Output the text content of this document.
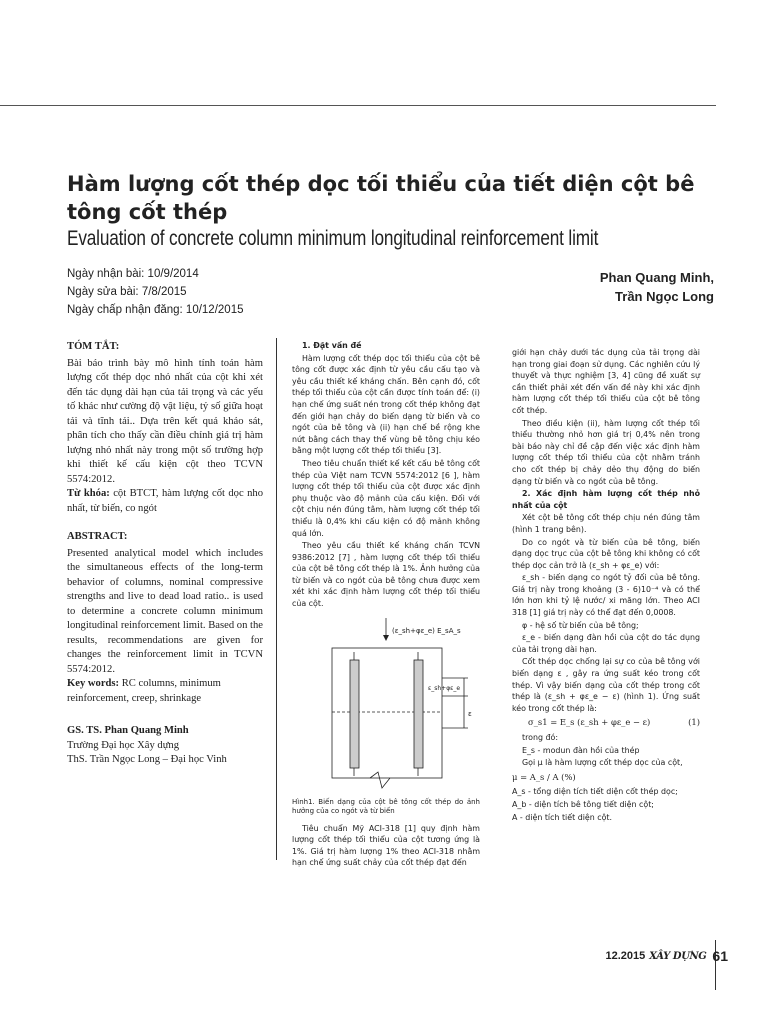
Hàm lượng cốt thép dọc tối thiểu của tiết diện cột bê tông cốt thép
Evaluation of concrete column minimum longitudinal reinforcement limit
Ngày nhận bài: 10/9/2014
Ngày sửa bài: 7/8/2015
Ngày chấp nhận đăng: 10/12/2015
Phan Quang Minh,
Trần Ngọc Long
TÓM TẮT:

Bài báo trình bày mô hình tính toán hàm lượng cốt thép dọc nhỏ nhất của cột khi xét đến tác dụng dài hạn của tải trọng và các yếu tố khác như cường độ vật liệu, tỷ số giữa hoạt tải và tĩnh tải.. Dựa trên kết quả khảo sát, phân tích cho thấy cần điều chỉnh giá trị hàm lượng nhỏ nhất này trong một số trường hợp khi thiết kế cấu kiện cột theo TCVN 5574:2012.

Từ khóa: cột BTCT, hàm lượng cốt dọc nho nhất, từ biến, co ngót

ABSTRACT:

Presented analytical model which includes the simultaneous effects of the long-term behavior of columns, nominal compressive strengths and live to dead load ratio.. is used to determine a concrete column minimum longitudinal reinforcement limit. Based on the results, recommendations are given for changes the reinforcement limit in TCVN 5574:2012.

Key words: RC columns, minimum reinforcement, creep, shrinkage

GS. TS. Phan Quang Minh

Trường Đại học Xây dựng

ThS. Trần Ngọc Long – Đại học Vinh

1. Đặt vấn đề

Hàm lượng cốt thép dọc tối thiểu của cột bê tông cốt được xác định từ yêu cầu cấu tạo và yêu cầu thiết kế kháng chấn. Bên cạnh đó, cốt thép tối thiểu của cột cần được tính toán để: (i) hạn chế ứng suất nén trong cốt thép không đạt đến giới hạn chảy do biến dạng từ biến và co ngót của bê tông và (ii) hạn chế bề rộng khe nứt bằng cách thay thế vùng bê tông chịu kéo bằng một lượng cốt thép tối thiểu [3].

Theo tiêu chuẩn thiết kế kết cấu bê tông cốt thép của Việt nam TCVN 5574:2012 [6 ], hàm lượng cốt thép tối thiểu của cột được xác định phụ thuộc vào độ mảnh của cấu kiện. Đối với cột chịu nén đúng tâm, hàm lượng cốt thép tối thiểu là 0,4% khi cấu kiện có độ mảnh không quá lớn.

Theo yêu cầu thiết kế kháng chấn TCVN 9386:2012 [7] , hàm lượng cốt thép tối thiểu của cột bê tông cốt thép là 1%. Ảnh hưởng của từ biến và co ngót của bê tông chưa được xem xét khi xác định hàm lượng cốt thép tối thiểu của cột.

(ε_sh+φε_e) E_sA_s
ε_sh+φε_e
ε

Hình1. Biến dạng của cột bê tông cốt thép do ảnh hưởng của co ngót và từ biến

Tiêu chuẩn Mỹ ACI-318 [1] quy định hàm lượng cốt thép tối thiểu của cột tương ứng là 1%. Giá trị hàm lượng 1% theo ACI-318 nhằm hạn chế ứng suất chảy của cốt thép đạt đến

giới hạn chảy dưới tác dụng của tải trọng dài hạn trong giai đoạn sử dụng. Các nghiên cứu lý thuyết và thực nghiệm [3, 4] cũng đề xuất sự cần thiết phải xét đến vấn đề này khi xác định hàm lượng cốt thép tối thiểu của cột bê tông cốt thép.

Theo điều kiện (ii), hàm lượng cốt thép tối thiểu thường nhỏ hơn giá trị 0,4% nên trong bài báo này chỉ đề cập đến việc xác định hàm lượng cốt thép tối thiểu của cột nhằm tránh cho cốt thép bị chảy dẻo thụ động do biến dạng từ biến và co ngót của bê tông.

2. Xác định hàm lượng cốt thép nhỏ nhất của cột

Xét cột bê tông cốt thép chịu nén đúng tâm (hình 1 trang bên).

Do co ngót và từ biến của bê tông, biến dạng dọc trục của cột bê tông khi không có cốt thép dọc cản trở là (ε_sh + φε_e) với:

ε_sh - biến dạng co ngót tỷ đối của bê tông. Giá trị này trong khoảng (3 - 6)10⁻⁴ và có thể lớn hơn khi tỷ lệ nước/ xi măng lớn. Theo ACI 318 [1] giá trị này có thể đạt đến 0,0008.

φ - hệ số từ biến của bê tông;

ε_e - biến dạng đàn hồi của cột do tác dụng của tải trọng dài hạn.

Cốt thép dọc chống lại sự co của bê tông với biến dạng ε , gây ra ứng suất kéo trong cốt thép. Vì vậy biến dạng của cốt thép trong cốt thép là (ε_sh + φε_e − ε) (hình 1). Ứng suất kéo trong cốt thép là:

σ_s1 = E_s (ε_sh + φε_e − ε)	(1)

trong đó:

E_s - modun đàn hồi của thép

Gọi μ là hàm lượng cốt thép dọc của cột,

μ = A_s / A (%)

A_s - tổng diện tích tiết diện cốt thép dọc;

A_b - diện tích bê tông tiết diện cột;

A - diện tích tiết diện cột.

12.2015 XÂY DỰNG 61
